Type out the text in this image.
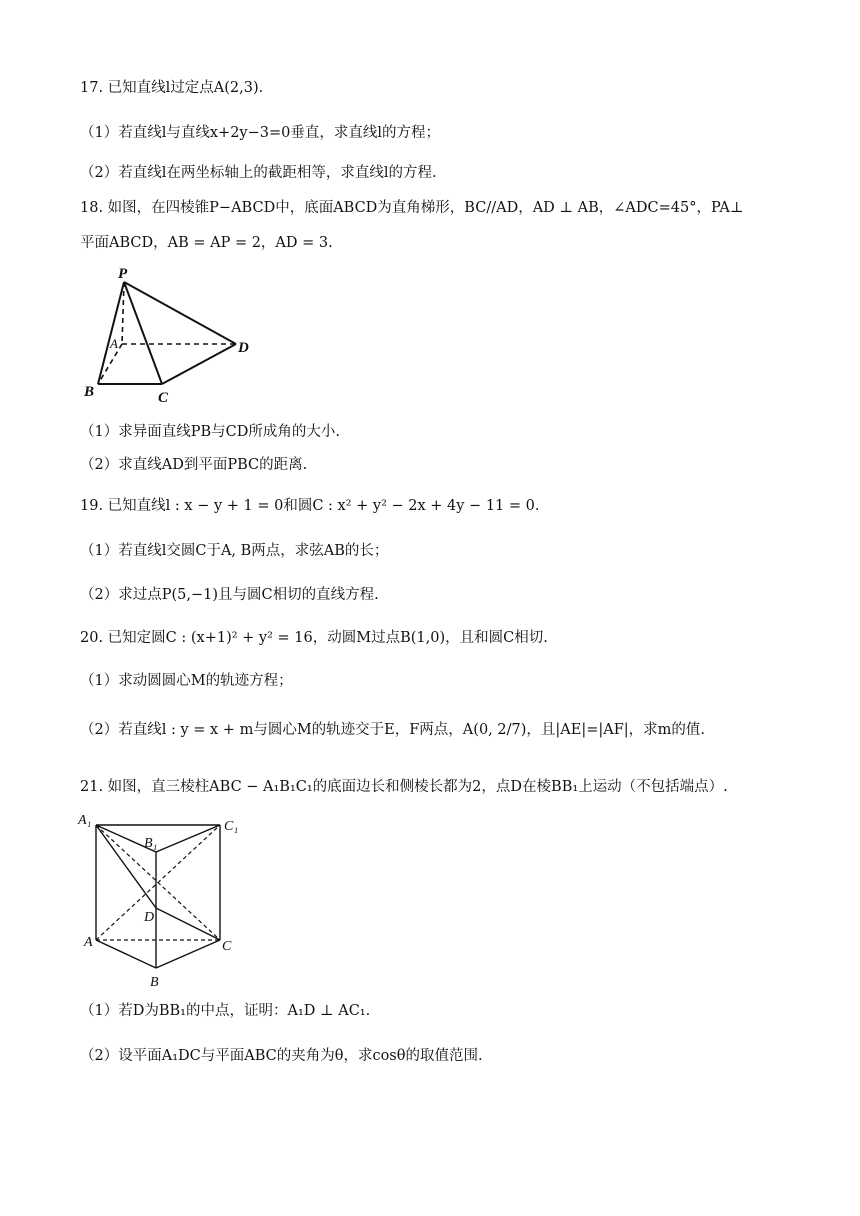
17. 已知直线l过定点A(2,3).
（1）若直线l与直线x+2y−3=0垂直，求直线l的方程；
（2）若直线l在两坐标轴上的截距相等，求直线l的方程.
18. 如图，在四棱锥P−ABCD中，底面ABCD为直角梯形，BC//AD，AD ⊥ AB，∠ADC=45°，PA⊥
平面ABCD，AB = AP = 2，AD = 3.
P
A
B	C
D
（1）求异面直线PB与CD所成角的大小.
（2）求直线AD到平面PBC的距离.
19. 已知直线l : x − y + 1 = 0和圆C : x² + y² − 2x + 4y − 11 = 0.
（1）若直线l交圆C于A, B两点，求弦AB的长；
（2）求过点P(5,−1)且与圆C相切的直线方程.
20. 已知定圆C : (x+1)² + y² = 16，动圆M过点B(1,0)，且和圆C相切.
（1）求动圆圆心M的轨迹方程；
（2）若直线l : y = x + m与圆心M的轨迹交于E，F两点，A(0, 2/7)，且|AE|=|AF|，求m的值.
21. 如图，直三棱柱ABC − A₁B₁C₁的底面边长和侧棱长都为2，点D在棱BB₁上运动（不包括端点）.
A₁
B₁
C₁
D
A	C
B
（1）若D为BB₁的中点，证明：A₁D ⊥ AC₁.
（2）设平面A₁DC与平面ABC的夹角为θ，求cosθ的取值范围.
